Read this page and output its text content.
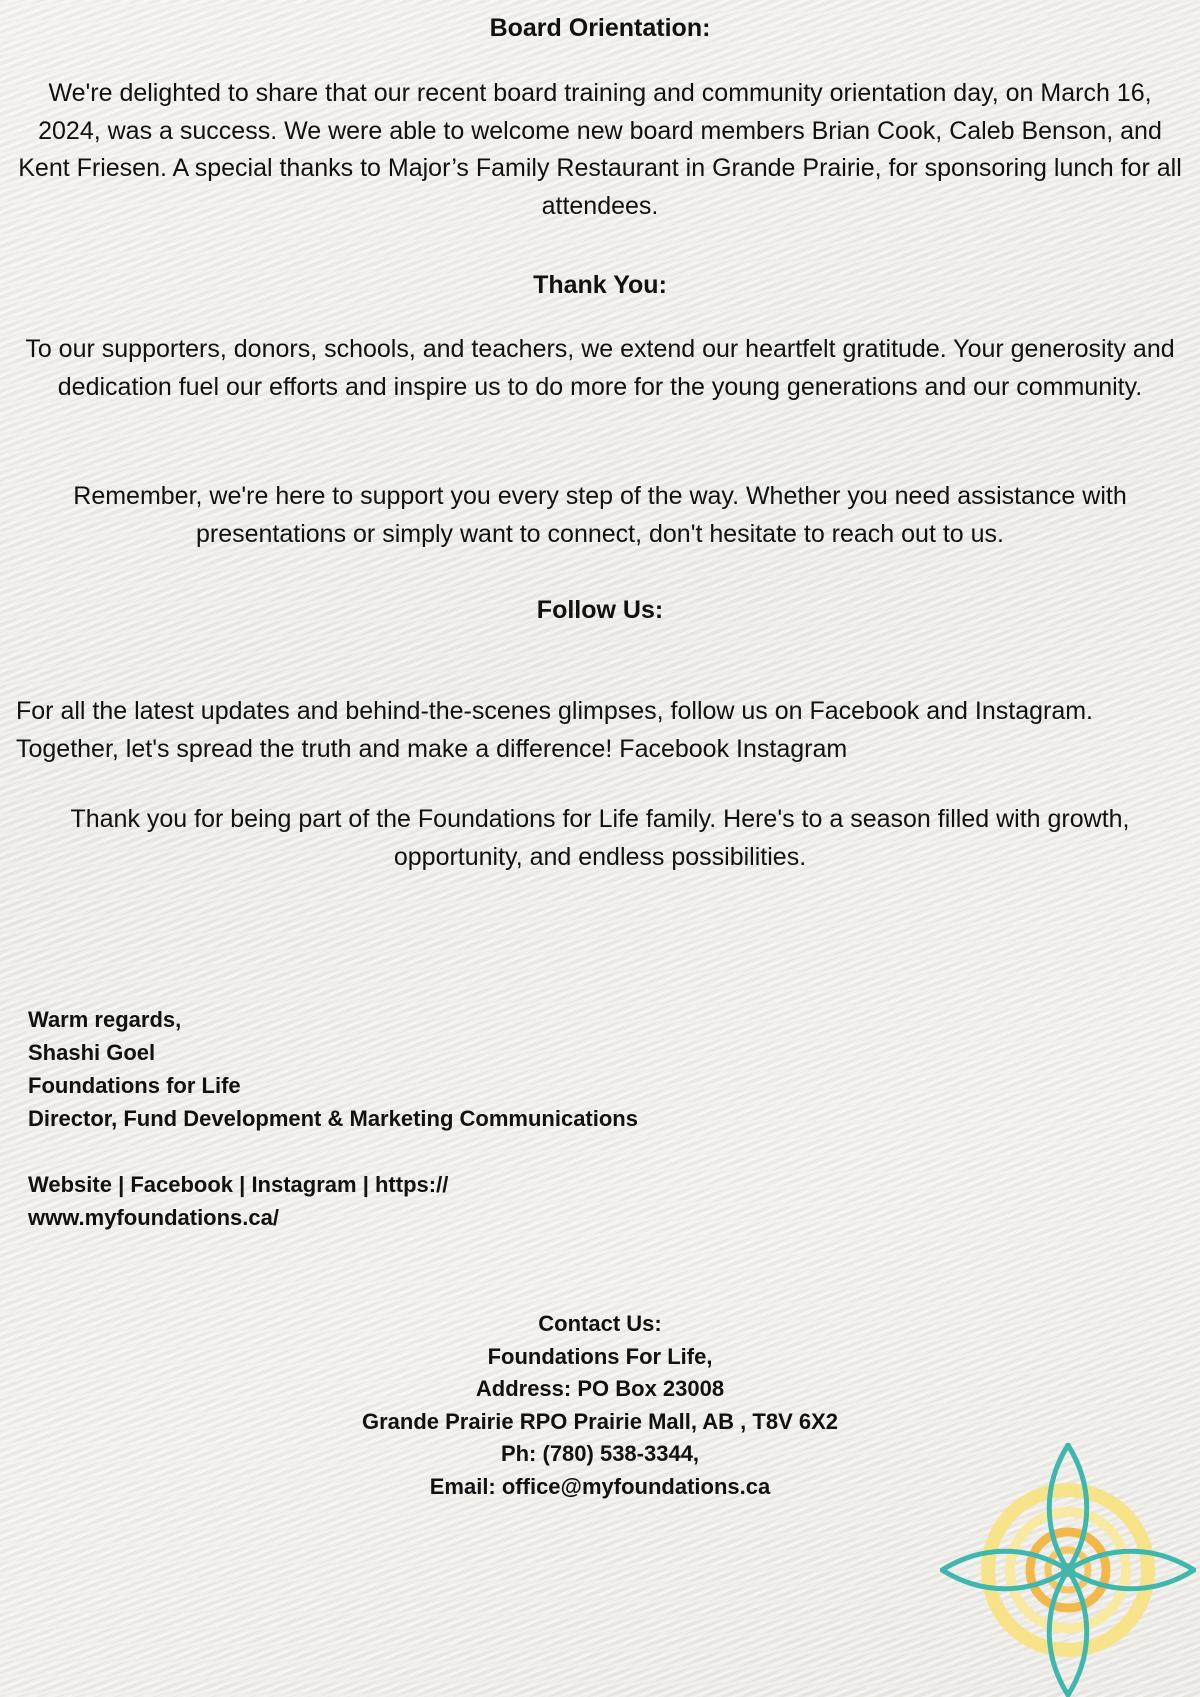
Board Orientation:
We're delighted to share that our recent board training and community orientation day, on March 16, 2024, was a success. We were able to welcome new board members Brian Cook, Caleb Benson, and Kent Friesen. A special thanks to Major’s Family Restaurant in Grande Prairie, for sponsoring lunch for all attendees.
Thank You:
To our supporters, donors, schools, and teachers, we extend our heartfelt gratitude. Your generosity and dedication fuel our efforts and inspire us to do more for the young generations and our community.
Remember, we're here to support you every step of the way. Whether you need assistance with presentations or simply want to connect, don't hesitate to reach out to us.
Follow Us:
For all the latest updates and behind-the-scenes glimpses, follow us on Facebook and Instagram. Together, let's spread the truth and make a difference! Facebook Instagram
Thank you for being part of the Foundations for Life family. Here's to a season filled with growth, opportunity, and endless possibilities.
Warm regards,
Shashi Goel
Foundations for Life
Director, Fund Development & Marketing Communications
Website | Facebook | Instagram | https:// www.myfoundations.ca/
Contact Us:
Foundations For Life,
Address: PO Box 23008
Grande Prairie RPO Prairie Mall, AB , T8V 6X2
Ph: (780) 538-3344,
Email: office@myfoundations.ca
